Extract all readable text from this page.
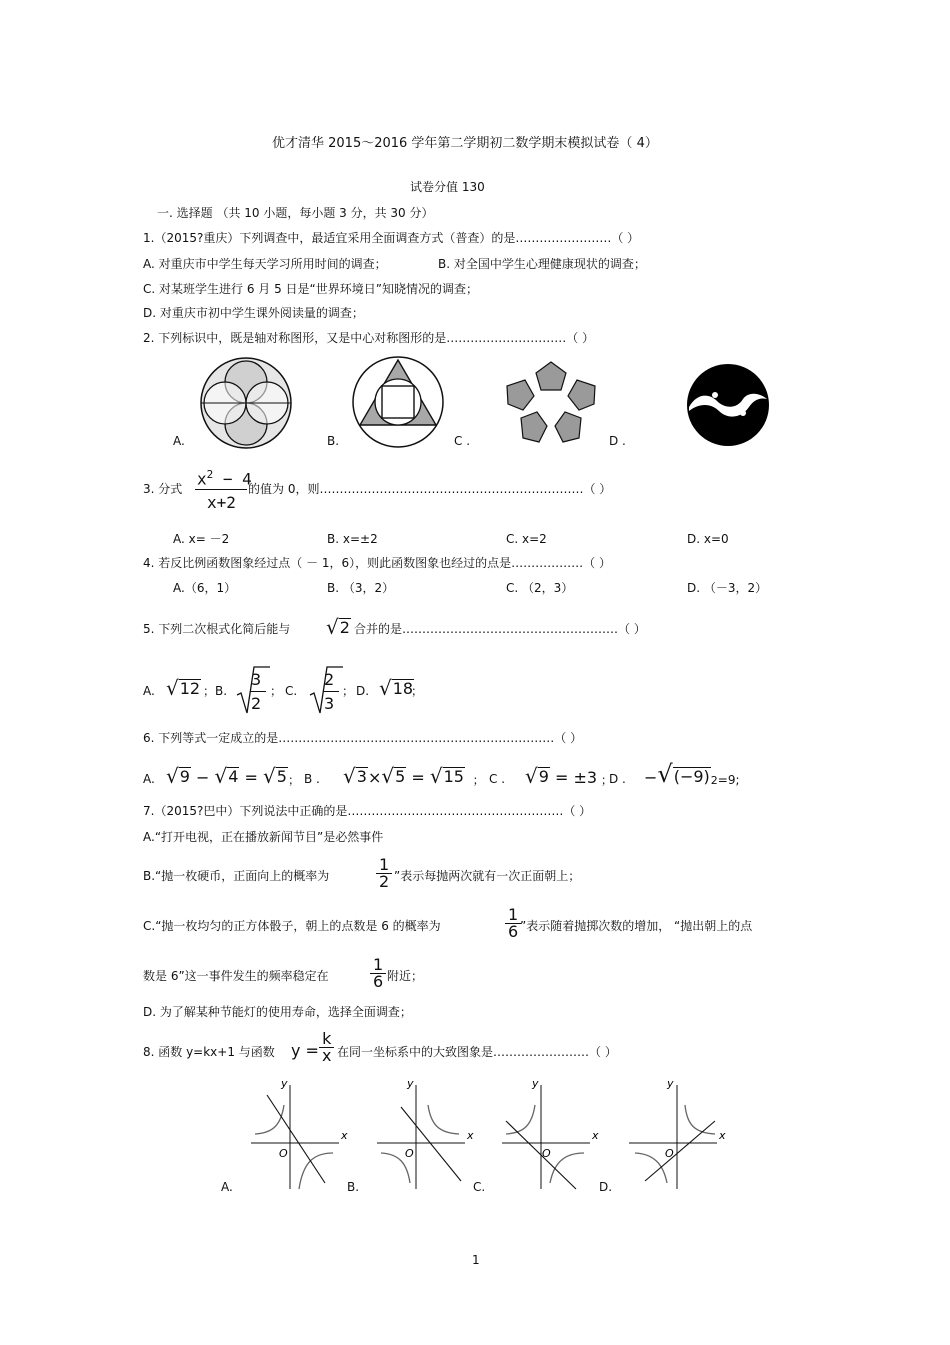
优才清华 2015～2016 学年第二学期初二数学期末模拟试卷（ 4）
试卷分值 130
一. 选择题 （共 10 小题，每小题 3 分，共 30 分）
1.（2015?重庆）下列调查中，最适宜采用全面调查方式（普查）的是……………………（ ）
A. 对重庆市中学生每天学习所用时间的调查；	B. 对全国中学生心理健康现状的调查；
C. 对某班学生进行 6 月 5 日是“世界环境日”知晓情况的调查；
D. 对重庆市初中学生课外阅读量的调查；
2. 下列标识中，既是轴对称图形，又是中心对称图形的是…………………………（ ）
A.	B.	C .	D .
3. 分式
$x^2 - 4$
x+2
的值为 0，则…………………………………………………………（ ）
A. x= －2	B. x=±2	C. x=2	D. x=0
4. 若反比例函数图象经过点（ － 1，6），则此函数图象也经过的点是………………（ ）
A.（6，1）	B. （3，2）	C. （2，3）	D. （－3，2）
5. 下列二次根式化简后能与 √ 2 合并的是………………………………………………（ ）
A. √ 12 ； B.
3
2
； C.
2
3
； D. √ 18
；
6. 下列等式一定成立的是……………………………………………………………（ ）
A. √ 9 − √ 4 = √ 5 ； B . √ 3 × √ 5 = √ 15 ； C . √ 9 = ±3 ；
D . − √ $(-9)_2 =9$;
7.（2015?巴中）下列说法中正确的是………………………………………………（ ）
A.“打开电视，正在播放新闻节目”是必然事件
B.“抛一枚硬币，正面向上的概率为
1
2 ”表示每抛两次就有一次正面朝上；
C.“抛一枚均匀的正方体骰子，朝上的点数是 6 的概率为
1
6 ”表示随着抛掷次数的增加， “抛出朝上的点
数是 6”这一事件发生的频率稳定在
1
6 附近；
D. 为了解某种节能灯的使用寿命，选择全面调查；
8. 函数 y=kx+1 与函数 y =
k
x 在同一坐标系中的大致图象是……………………（ ）
x
y
O
x
y
O
x
y
O
x
y
O
A.	B.	C.	D.
1
